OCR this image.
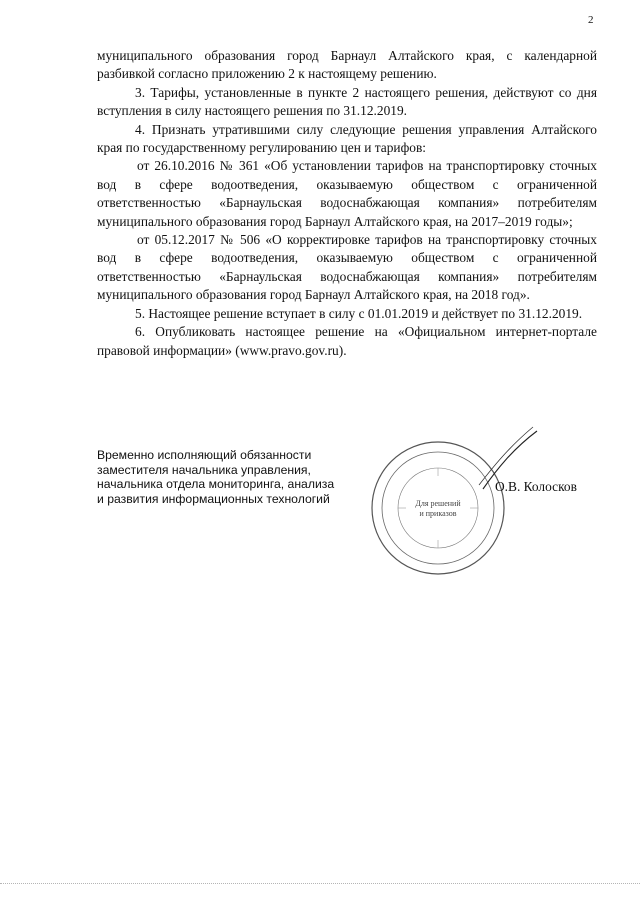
2

муниципального образования город Барнаул Алтайского края, с календарной разбивкой согласно приложению 2 к настоящему решению.

3. Тарифы, установленные в пункте 2 настоящего решения, действуют со дня вступления в силу настоящего решения по 31.12.2019.

4. Признать утратившими силу следующие решения управления Алтайского края по государственному регулированию цен и тарифов:

от 26.10.2016 № 361 «Об установлении тарифов на транспортировку сточных вод в сфере водоотведения, оказываемую обществом с ограниченной ответственностью «Барнаульская водоснабжающая компания» потребителям муниципального образования город Барнаул Алтайского края, на 2017–2019 годы»;

от 05.12.2017 № 506 «О корректировке тарифов на транспортировку сточных вод в сфере водоотведения, оказываемую обществом с ограниченной ответственностью «Барнаульская водоснабжающая компания» потребителям муниципального образования город Барнаул Алтайского края, на 2018 год».

5. Настоящее решение вступает в силу с 01.01.2019 и действует по 31.12.2019.

6. Опубликовать настоящее решение на «Официальном интернет-портале правовой информации» (www.pravo.gov.ru).

Временно исполняющий обязанности
заместителя начальника управления,
начальника отдела мониторинга, анализа
и развития информационных технологий	Для решений
и приказов
О.В. Колосков
